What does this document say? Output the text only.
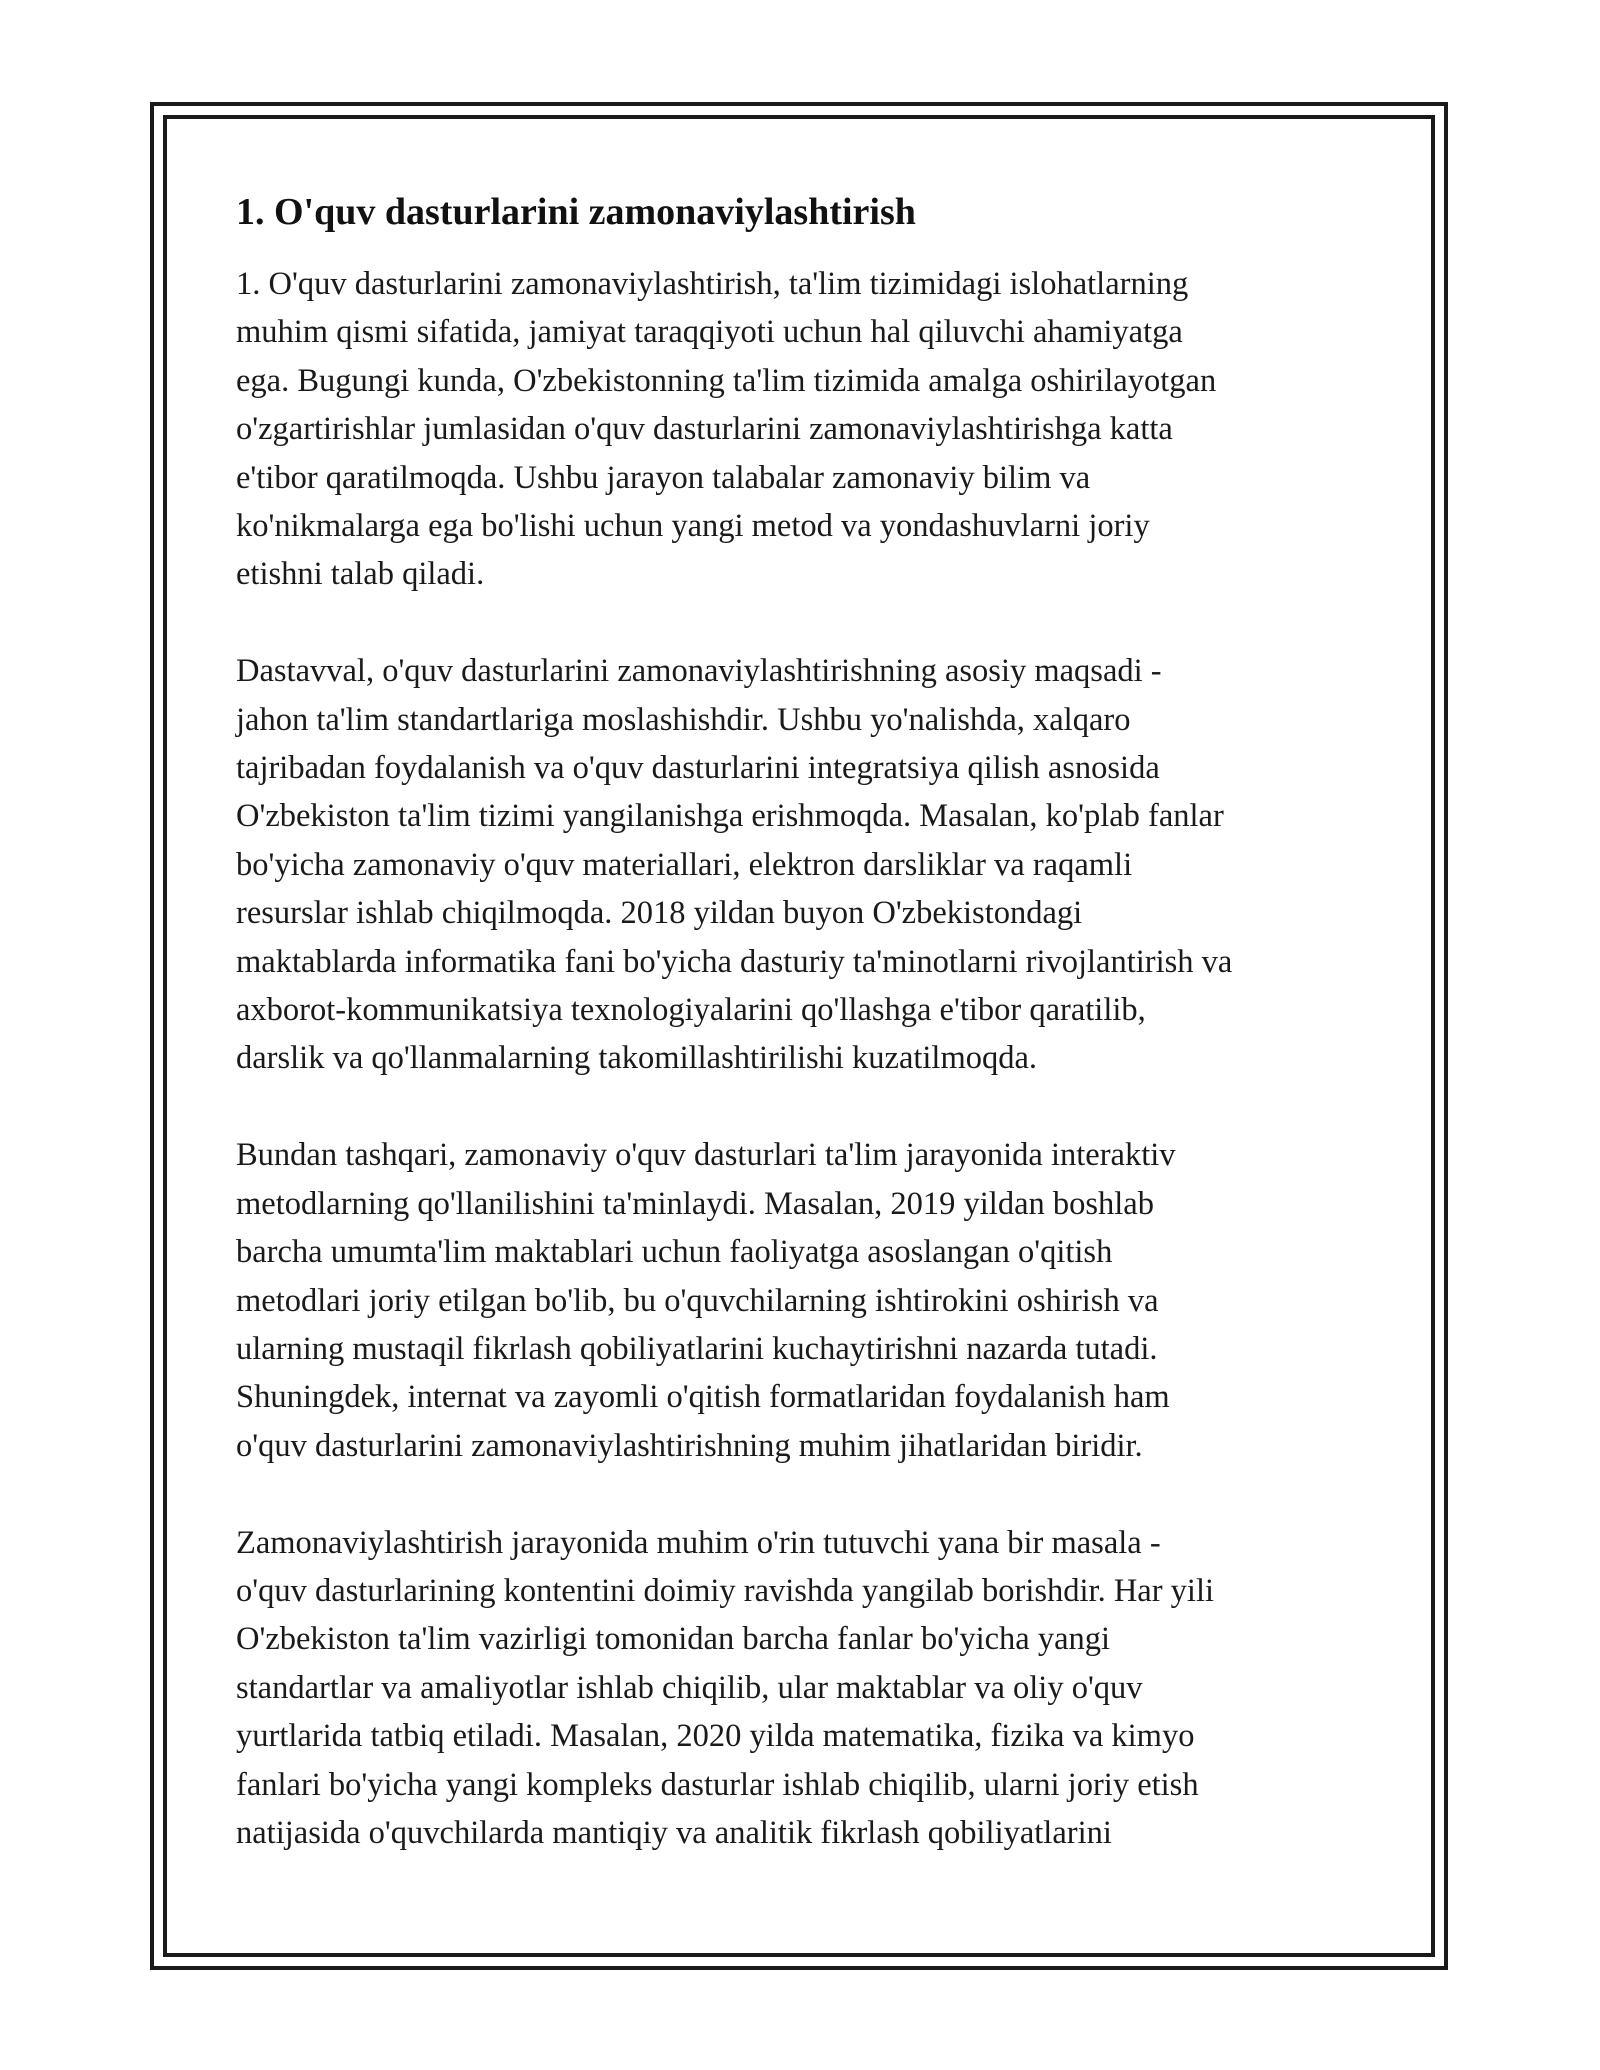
1. O'quv dasturlarini zamonaviylashtirish

1. O'quv dasturlarini zamonaviylashtirish, ta'lim tizimidagi islohatlarning
muhim qismi sifatida, jamiyat taraqqiyoti uchun hal qiluvchi ahamiyatga
ega. Bugungi kunda, O'zbekistonning ta'lim tizimida amalga oshirilayotgan
o'zgartirishlar jumlasidan o'quv dasturlarini zamonaviylashtirishga katta
e'tibor qaratilmoqda. Ushbu jarayon talabalar zamonaviy bilim va
ko'nikmalarga ega bo'lishi uchun yangi metod va yondashuvlarni joriy
etishni talab qiladi.

Dastavval, o'quv dasturlarini zamonaviylashtirishning asosiy maqsadi -
jahon ta'lim standartlariga moslashishdir. Ushbu yo'nalishda, xalqaro
tajribadan foydalanish va o'quv dasturlarini integratsiya qilish asnosida
O'zbekiston ta'lim tizimi yangilanishga erishmoqda. Masalan, ko'plab fanlar
bo'yicha zamonaviy o'quv materiallari, elektron darsliklar va raqamli
resurslar ishlab chiqilmoqda. 2018 yildan buyon O'zbekistondagi
maktablarda informatika fani bo'yicha dasturiy ta'minotlarni rivojlantirish va
axborot-kommunikatsiya texnologiyalarini qo'llashga e'tibor qaratilib,
darslik va qo'llanmalarning takomillashtirilishi kuzatilmoqda.

Bundan tashqari, zamonaviy o'quv dasturlari ta'lim jarayonida interaktiv
metodlarning qo'llanilishini ta'minlaydi. Masalan, 2019 yildan boshlab
barcha umumta'lim maktablari uchun faoliyatga asoslangan o'qitish
metodlari joriy etilgan bo'lib, bu o'quvchilarning ishtirokini oshirish va
ularning mustaqil fikrlash qobiliyatlarini kuchaytirishni nazarda tutadi.
Shuningdek, internat va zayomli o'qitish formatlaridan foydalanish ham
o'quv dasturlarini zamonaviylashtirishning muhim jihatlaridan biridir.

Zamonaviylashtirish jarayonida muhim o'rin tutuvchi yana bir masala -
o'quv dasturlarining kontentini doimiy ravishda yangilab borishdir. Har yili
O'zbekiston ta'lim vazirligi tomonidan barcha fanlar bo'yicha yangi
standartlar va amaliyotlar ishlab chiqilib, ular maktablar va oliy o'quv
yurtlarida tatbiq etiladi. Masalan, 2020 yilda matematika, fizika va kimyo
fanlari bo'yicha yangi kompleks dasturlar ishlab chiqilib, ularni joriy etish
natijasida o'quvchilarda mantiqiy va analitik fikrlash qobiliyatlarini
